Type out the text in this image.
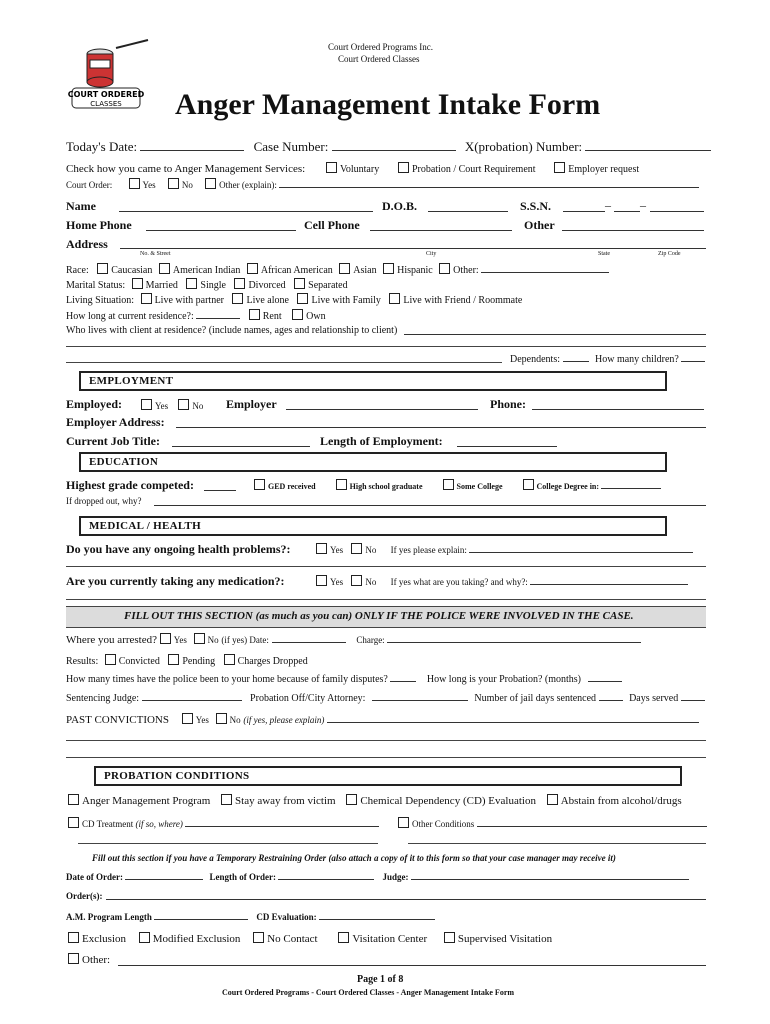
COURT ORDERED
CLASSES
Court Ordered Programs Inc.
Court Ordered Classes
Anger Management Intake Form
Today's Date:	Case Number:	X(probation) Number:
Check how you came to Anger Management Services:	Voluntary	Probation / Court Requirement	Employer request
Court Order:	Yes	No	Other (explain):
Name	D.O.B.	S.S.N.	– –
Home Phone	Cell Phone	Other
Address
No. & Street	City	State	Zip Code
Race: Caucasian American Indian African American Asian Hispanic Other:
Marital Status: Married Single Divorced Separated
Living Situation: Live with partner Live alone Live with Family Live with Friend / Roommate
How long at current residence?:	Rent Own
Who lives with client at residence? (include names, ages and relationship to client)
Dependents:	How many children?
EMPLOYMENT
Employed:	Yes	No Employer	Phone:
Employer Address:
Current Job Title:	Length of Employment:
EDUCATION
Highest grade competed:	GED received	High school graduate	Some College	College Degree in:
If dropped out, why?
MEDICAL / HEALTH
Do you have any ongoing health problems?:	Yes No If yes please explain:
Are you currently taking any medication?:	Yes No If yes what are you taking? and why?:
FILL OUT THIS SECTION (as much as you can) ONLY IF THE POLICE WERE INVOLVED IN THE CASE.
Where you arrested? Yes No (if yes) Date:	Charge:
Results: Convicted Pending Charges Dropped
How many times have the police been to your home because of family disputes?	How long is your Probation? (months)
Sentencing Judge:	Probation Off/City Attorney:	Number of jail days sentenced	Days served
PAST CONVICTIONS	Yes No (if yes, please explain)
PROBATION CONDITIONS
Anger Management Program Stay away from victim Chemical Dependency (CD) Evaluation Abstain from alcohol/drugs
CD Treatment (if so, where)	Other Conditions
Fill out this section if you have a Temporary Restraining Order (also attach a copy of it to this form so that your case manager may receive it)
Date of Order:	Length of Order:	Judge:
Order(s):
A.M. Program Length	CD Evaluation:
Exclusion Modified Exclusion No Contact	Visitation Center	Supervised Visitation
Other:
Page 1 of 8
Court Ordered Programs - Court Ordered Classes - Anger Management Intake Form
